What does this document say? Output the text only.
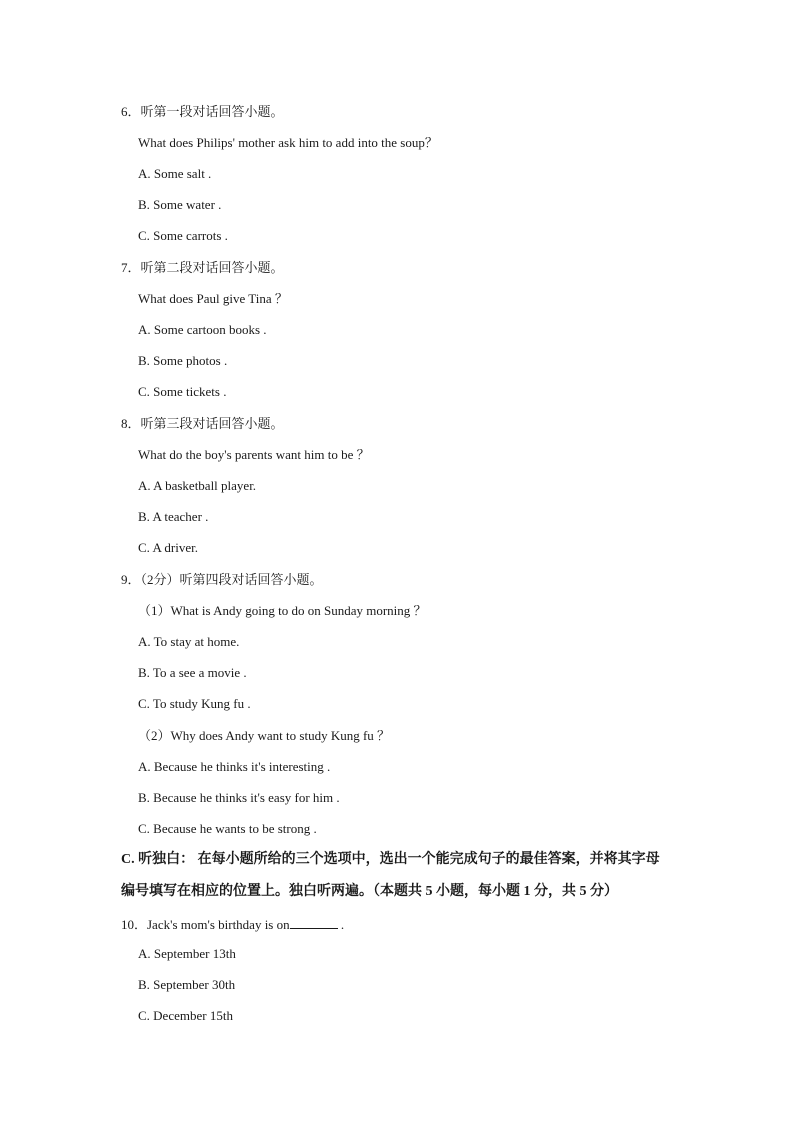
6．听第一段对话回答小题。
What does Philips' mother ask him to add into the soup？
A. Some salt .
B. Some water .
C. Some carrots .
7．听第二段对话回答小题。
What does Paul give Tina ？
A. Some cartoon books .
B. Some photos .
C. Some tickets .
8．听第三段对话回答小题。
What do the boy's parents want him to be ？
A. A basketball player.
B. A teacher .
C. A driver.
9．（2分）听第四段对话回答小题。
（1）What is Andy going to do on Sunday morning ？
A. To stay at home.
B. To a see a movie .
C. To study Kung fu .
（2）Why does Andy want to study Kung fu ？
A. Because he thinks it's interesting .
B. Because he thinks it's easy for him .
C. Because he wants to be strong .
C. 听独白： 在每小题所给的三个选项中，选出一个能完成句子的最佳答案，并将其字母
编号填写在相应的位置上。独白听两遍。（本题共 5 小题，每小题 1 分，共 5 分）
10．Jack's mom's birthday is on	.
A. September 13th
B. September 30th
C. December 15th
